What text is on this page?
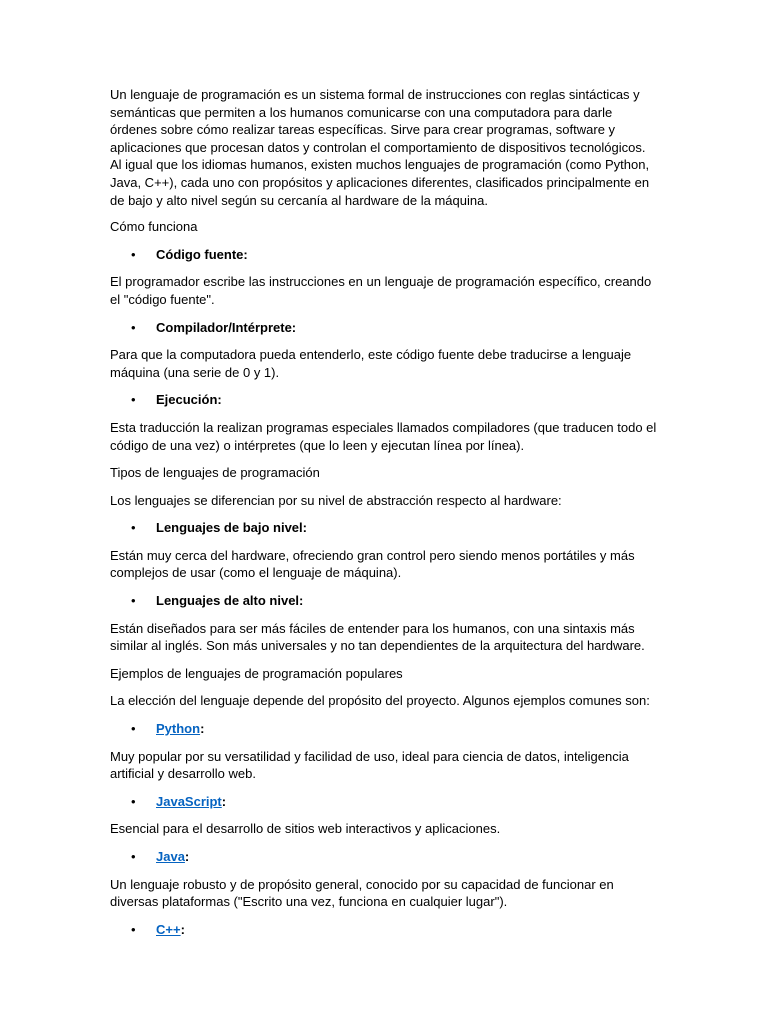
Un lenguaje de programación es un sistema formal de instrucciones con reglas sintácticas y semánticas que permiten a los humanos comunicarse con una computadora para darle órdenes sobre cómo realizar tareas específicas. Sirve para crear programas, software y aplicaciones que procesan datos y controlan el comportamiento de dispositivos tecnológicos. Al igual que los idiomas humanos, existen muchos lenguajes de programación (como Python, Java, C++), cada uno con propósitos y aplicaciones diferentes, clasificados principalmente en de bajo y alto nivel según su cercanía al hardware de la máquina.

Cómo funciona

• Código fuente:

El programador escribe las instrucciones en un lenguaje de programación específico, creando el "código fuente".

• Compilador/Intérprete:

Para que la computadora pueda entenderlo, este código fuente debe traducirse a lenguaje máquina (una serie de 0 y 1).

• Ejecución:

Esta traducción la realizan programas especiales llamados compiladores (que traducen todo el código de una vez) o intérpretes (que lo leen y ejecutan línea por línea).

Tipos de lenguajes de programación

Los lenguajes se diferencian por su nivel de abstracción respecto al hardware:

• Lenguajes de bajo nivel:

Están muy cerca del hardware, ofreciendo gran control pero siendo menos portátiles y más complejos de usar (como el lenguaje de máquina).

• Lenguajes de alto nivel:

Están diseñados para ser más fáciles de entender para los humanos, con una sintaxis más similar al inglés. Son más universales y no tan dependientes de la arquitectura del hardware.

Ejemplos de lenguajes de programación populares

La elección del lenguaje depende del propósito del proyecto. Algunos ejemplos comunes son:

• Python:

Muy popular por su versatilidad y facilidad de uso, ideal para ciencia de datos, inteligencia artificial y desarrollo web.

• JavaScript:

Esencial para el desarrollo de sitios web interactivos y aplicaciones.

• Java:

Un lenguaje robusto y de propósito general, conocido por su capacidad de funcionar en diversas plataformas ("Escrito una vez, funciona en cualquier lugar").

• C++:
